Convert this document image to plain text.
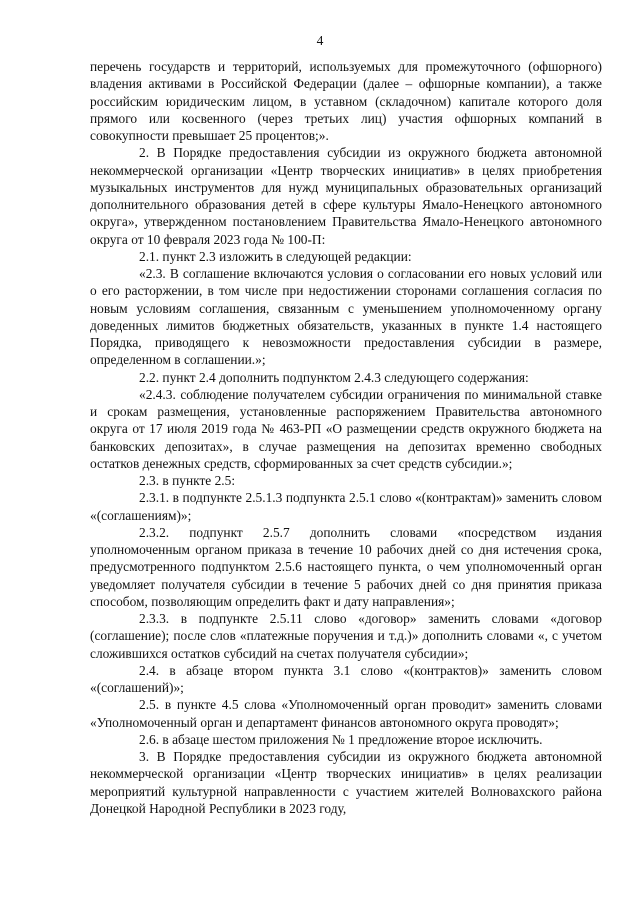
4

перечень государств и территорий, используемых для промежуточного (офшорного) владения активами в Российской Федерации (далее – офшорные компании), а также российским юридическим лицом, в уставном (складочном) капитале которого доля прямого или косвенного (через третьих лиц) участия офшорных компаний в совокупности превышает 25 процентов;».

2. В Порядке предоставления субсидии из окружного бюджета автономной некоммерческой организации «Центр творческих инициатив» в целях приобретения музыкальных инструментов для нужд муниципальных образовательных организаций дополнительного образования детей в сфере культуры Ямало-Ненецкого автономного округа», утвержденном постановлением Правительства Ямало-Ненецкого автономного округа от 10 февраля 2023 года № 100-П:

2.1. пункт 2.3 изложить в следующей редакции:

«2.3. В соглашение включаются условия о согласовании его новых условий или о его расторжении, в том числе при недостижении сторонами соглашения согласия по новым условиям соглашения, связанным с уменьшением уполномоченному органу доведенных лимитов бюджетных обязательств, указанных в пункте 1.4 настоящего Порядка, приводящего к невозможности предоставления субсидии в размере, определенном в соглашении.»;

2.2. пункт 2.4 дополнить подпунктом 2.4.3 следующего содержания:

«2.4.3. соблюдение получателем субсидии ограничения по минимальной ставке и срокам размещения, установленные распоряжением Правительства автономного округа от 17 июля 2019 года № 463-РП «О размещении средств окружного бюджета на банковских депозитах», в случае размещения на депозитах временно свободных остатков денежных средств, сформированных за счет средств субсидии.»;

2.3. в пункте 2.5:

2.3.1. в подпункте 2.5.1.3 подпункта 2.5.1 слово «(контрактам)» заменить словом «(соглашениям)»;

2.3.2. подпункт 2.5.7 дополнить словами «посредством издания уполномоченным органом приказа в течение 10 рабочих дней со дня истечения срока, предусмотренного подпунктом 2.5.6 настоящего пункта, о чем уполномоченный орган уведомляет получателя субсидии в течение 5 рабочих дней со дня принятия приказа способом, позволяющим определить факт и дату направления»;

2.3.3. в подпункте 2.5.11 слово «договор» заменить словами «договор (соглашение); после слов «платежные поручения и т.д.)» дополнить словами «, с учетом сложившихся остатков субсидий на счетах получателя субсидии»;

2.4. в абзаце втором пункта 3.1 слово «(контрактов)» заменить словом «(соглашений)»;

2.5. в пункте 4.5 слова «Уполномоченный орган проводит» заменить словами «Уполномоченный орган и департамент финансов автономного округа проводят»;

2.6. в абзаце шестом приложения № 1 предложение второе исключить.

3. В Порядке предоставления субсидии из окружного бюджета автономной некоммерческой организации «Центр творческих инициатив» в целях реализации мероприятий культурной направленности с участием жителей Волновахского района Донецкой Народной Республики в 2023 году,
